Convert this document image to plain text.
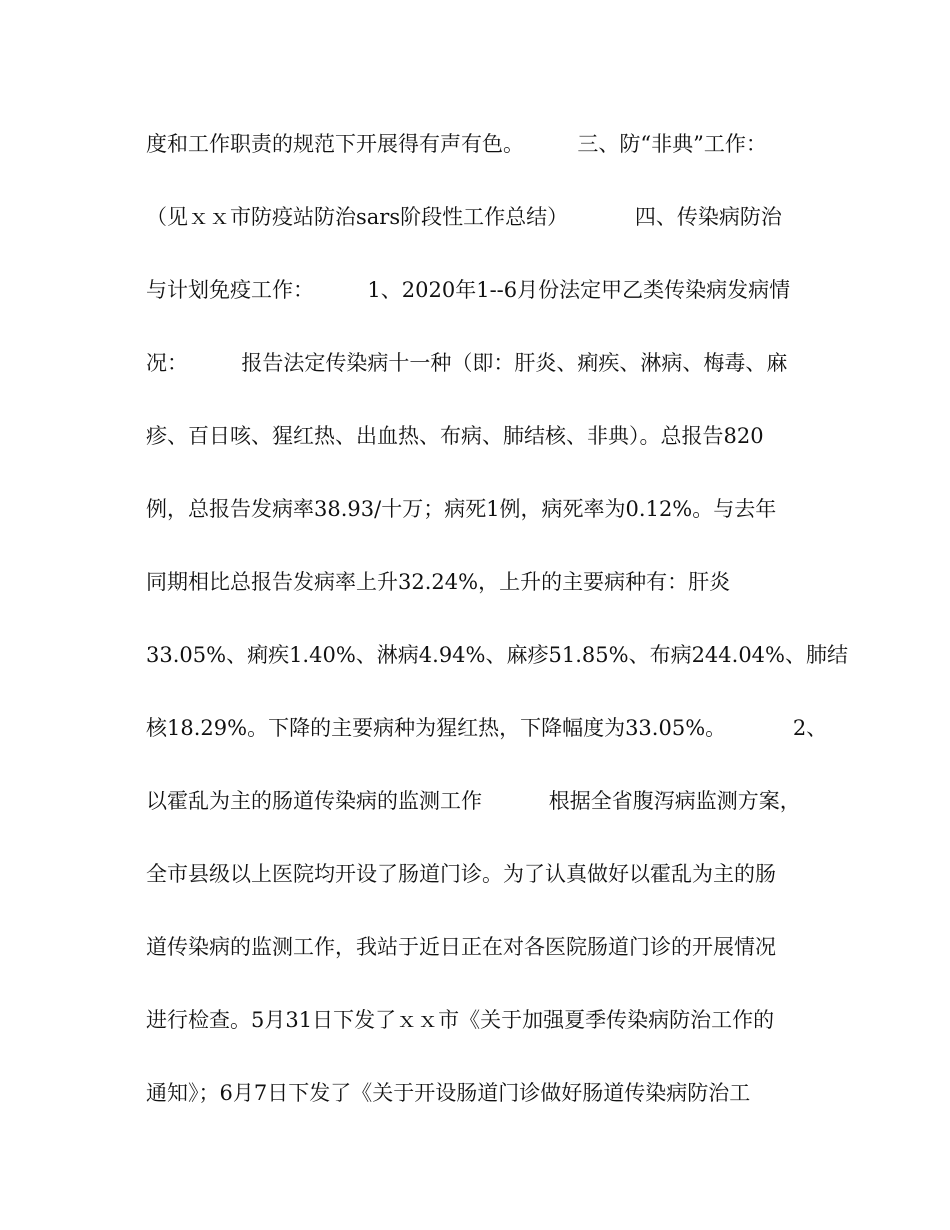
度和工作职责的规范下开展得有声有色。        三、防“非典”工作：

（见ｘｘ市防疫站防治sars阶段性工作总结）          四、传染病防治

与计划免疫工作：        1、2020年1--6月份法定甲乙类传染病发病情

况：        报告法定传染病十一种（即：肝炎、痢疾、淋病、梅毒、麻

疹、百日咳、猩红热、出血热、布病、肺结核、非典）。总报告820

例，总报告发病率38.93/十万；病死1例，病死率为0.12%。与去年

同期相比总报告发病率上升32.24%，上升的主要病种有：肝炎

33.05%、痢疾1.40%、淋病4.94%、麻疹51.85%、布病244.04%、肺结

核18.29%。下降的主要病种为猩红热，下降幅度为33.05%。          2、

以霍乱为主的肠道传染病的监测工作          根据全省腹泻病监测方案，

全市县级以上医院均开设了肠道门诊。为了认真做好以霍乱为主的肠

道传染病的监测工作，我站于近日正在对各医院肠道门诊的开展情况

进行检查。5月31日下发了ｘｘ市《关于加强夏季传染病防治工作的

通知》；6月7日下发了《关于开设肠道门诊做好肠道传染病防治工
